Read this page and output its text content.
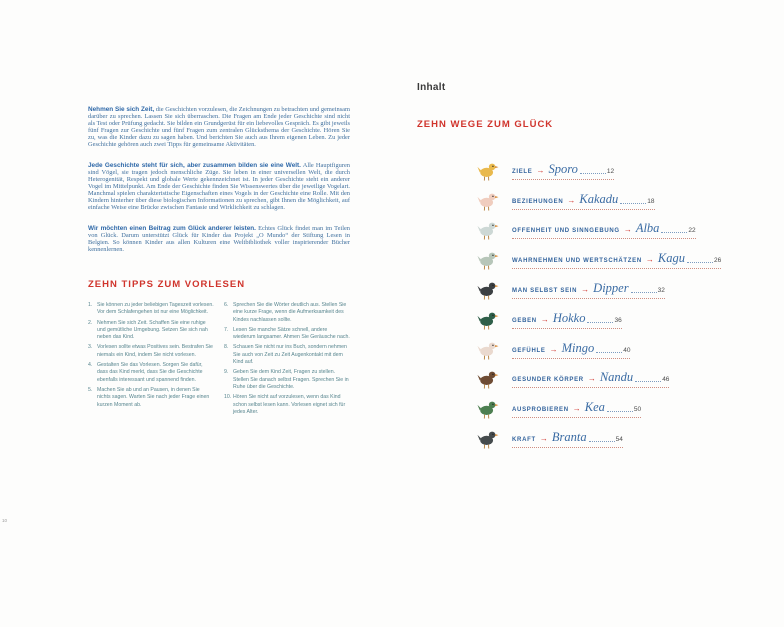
Nehmen Sie sich Zeit, die Geschichten vorzulesen, die Zeichnungen zu betrachten und gemeinsam darüber zu sprechen. Lassen Sie sich überraschen. Die Fragen am Ende jeder Geschichte sind nicht als Test oder Prüfung gedacht. Sie bilden ein Grundgerüst für ein liebevolles Gespräch. Es gibt jeweils fünf Fragen zur Geschichte und fünf Fragen zum zentralen Glücksthema der Geschichte. Hören Sie zu, was die Kinder dazu zu sagen haben. Und berichten Sie auch aus Ihrem eigenen Leben. Zu jeder Geschichte gehören auch zwei Tipps für gemeinsame Aktivitäten.

Jede Geschichte steht für sich, aber zusammen bilden sie eine Welt. Alle Hauptfiguren sind Vögel, sie tragen jedoch menschliche Züge. Sie leben in einer universellen Welt, die durch Heterogenität, Respekt und globale Werte gekennzeichnet ist. In jeder Geschichte steht ein anderer Vogel im Mittelpunkt. Am Ende der Geschichte finden Sie Wissenswertes über die jeweilige Vogelart. Manchmal spielen charakteristische Eigenschaften eines Vogels in der Geschichte eine Rolle. Mit den Kindern hinterher über diese biologischen Informationen zu sprechen, gibt Ihnen die Möglichkeit, auf einfache Weise eine Brücke zwischen Fantasie und Wirklichkeit zu schlagen.

Wir möchten einen Beitrag zum Glück anderer leisten. Echtes Glück findet man im Teilen von Glück. Darum unterstützt Glück für Kinder das Projekt „O Mundo“ der Stiftung Lesen in Belgien. So können Kinder aus allen Kulturen eine Weltbibliothek voller inspirierender Bücher kennenlernen.

ZEHN TIPPS ZUM VORLESEN
1. Sie können zu jeder beliebigen Tageszeit vorlesen. Vor dem Schlafengehen ist nur eine Möglichkeit.
2. Nehmen Sie sich Zeit. Schaffen Sie eine ruhige und gemütliche Umgebung. Setzen Sie sich nah neben das Kind.
3. Vorlesen sollte etwas Positives sein. Bestrafen Sie niemals ein Kind, indem Sie nicht vorlesen.
4. Gestalten Sie das Vorlesen. Sorgen Sie dafür, dass das Kind merkt, dass Sie die Geschichte ebenfalls interessant und spannend finden.
5. Machen Sie ab und an Pausen, in denen Sie nichts sagen. Warten Sie nach jeder Frage einen kurzen Moment ab.
6. Sprechen Sie die Wörter deutlich aus. Stellen Sie eine kurze Frage, wenn die Aufmerksamkeit des Kindes nachlassen sollte.
7. Lesen Sie manche Sätze schnell, andere wiederum langsamer. Ahmen Sie Geräusche nach.
8. Schauen Sie nicht nur ins Buch, sondern nehmen Sie auch von Zeit zu Zeit Augenkontakt mit dem Kind auf.
9. Geben Sie dem Kind Zeit, Fragen zu stellen. Stellen Sie danach selbst Fragen. Sprechen Sie in Ruhe über die Geschichte.
10. Hören Sie nicht auf vorzulesen, wenn das Kind schon selbst lesen kann. Vorlesen eignet sich für jedes Alter.
10
Inhalt
ZEHN WEGE ZUM GLÜCK
ZIELE → Sporo	12
BEZIEHUNGEN → Kakadu	18
OFFENHEIT UND SINNGEBUNG → Alba	22
WAHRNEHMEN UND WERTSCHÄTZEN → Kagu	26
MAN SELBST SEIN → Dipper	32
GEBEN → Hokko	36
GEFÜHLE → Mingo	40
GESUNDER KÖRPER → Nandu	46
AUSPROBIEREN → Kea	50
KRAFT → Branta	54
